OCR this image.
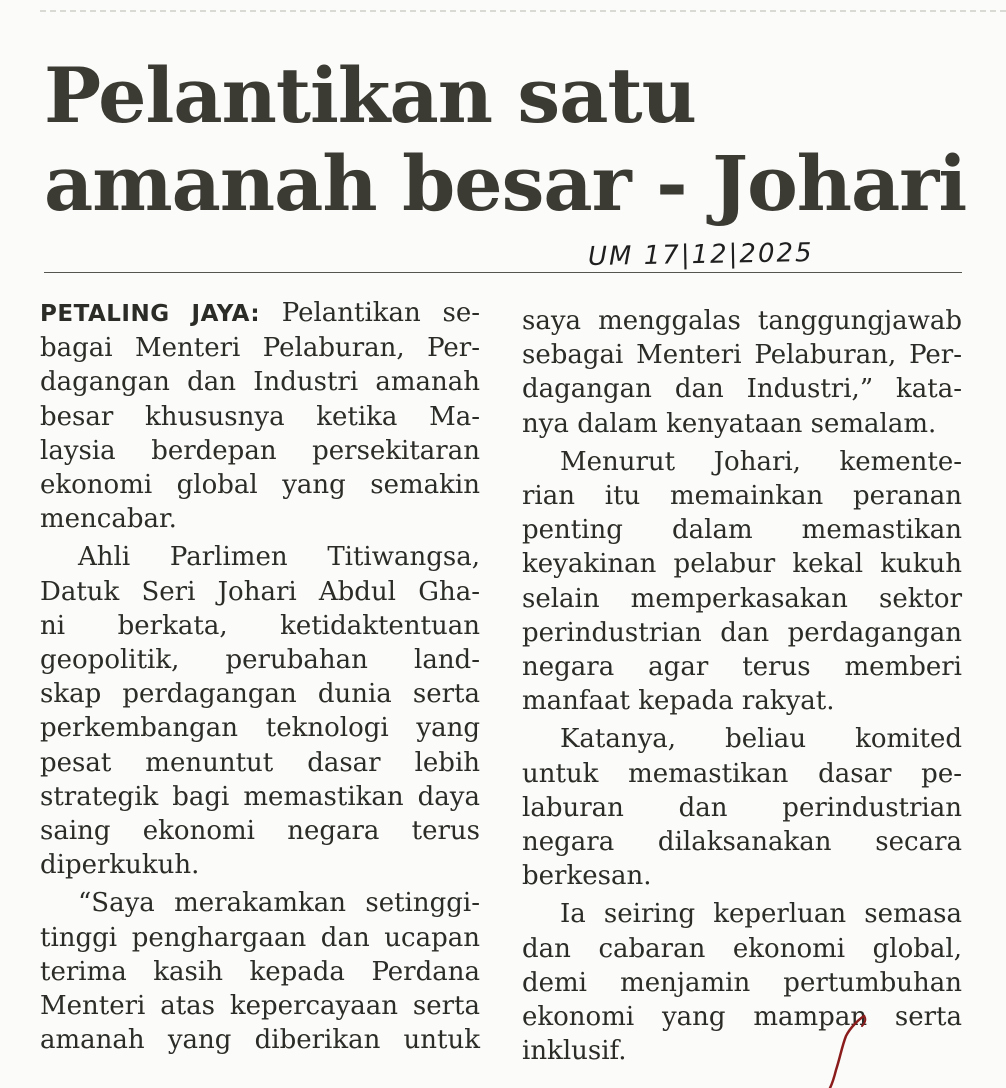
Pelantikan satu
amanah besar - Johari
UM 17|12|2025

PETALING JAYA: Pelantikan se-
bagai Menteri Pelaburan, Per-
dagangan dan Industri amanah
besar khususnya ketika Ma-
laysia berdepan persekitaran
ekonomi global yang semakin
mencabar.

Ahli Parlimen Titiwangsa,
Datuk Seri Johari Abdul Gha-
ni berkata, ketidaktentuan
geopolitik, perubahan land-
skap perdagangan dunia serta
perkembangan teknologi yang
pesat menuntut dasar lebih
strategik bagi memastikan daya
saing ekonomi negara terus
diperkukuh.

“Saya merakamkan setinggi-
tinggi penghargaan dan ucapan
terima kasih kepada Perdana
Menteri atas kepercayaan serta
amanah yang diberikan untuk

saya menggalas tanggungjawab
sebagai Menteri Pelaburan, Per-
dagangan dan Industri,” kata-
nya dalam kenyataan semalam.

Menurut Johari, kemente-
rian itu memainkan peranan
penting dalam memastikan
keyakinan pelabur kekal kukuh
selain memperkasakan sektor
perindustrian dan perdagangan
negara agar terus memberi
manfaat kepada rakyat.

Katanya, beliau komited
untuk memastikan dasar pe-
laburan dan perindustrian
negara dilaksanakan secara
berkesan.

Ia seiring keperluan semasa
dan cabaran ekonomi global,
demi menjamin pertumbuhan
ekonomi yang mampan serta
inklusif.
